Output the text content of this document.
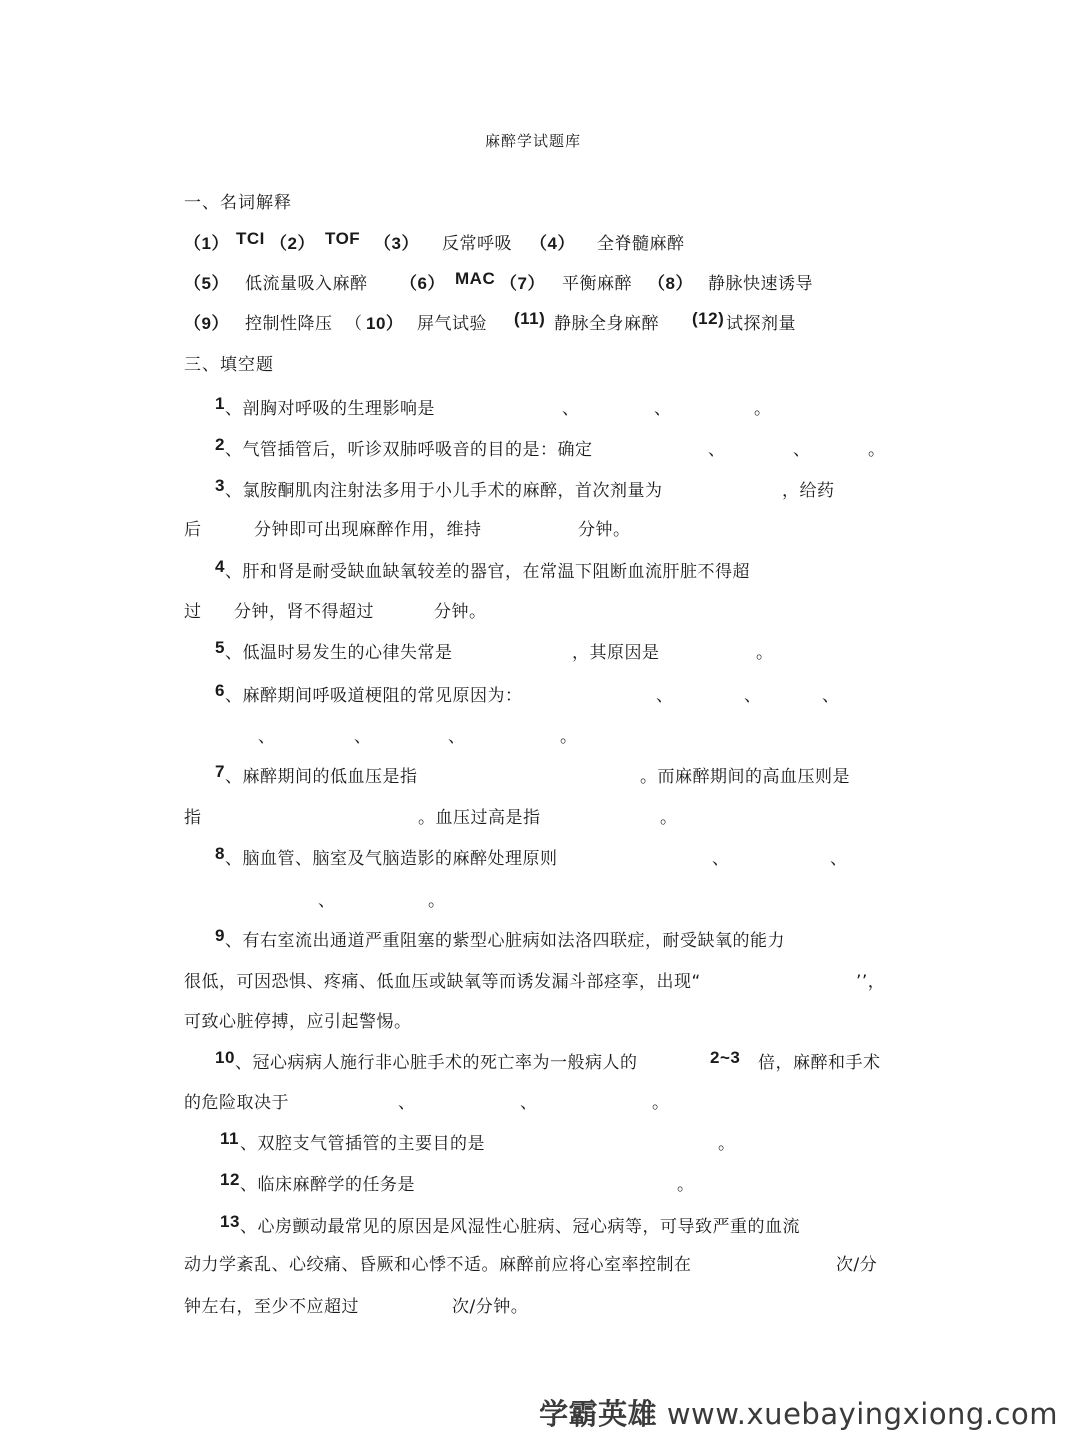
麻醉学试题库
一、名词解释
（1） TCI （2） TOF （3） 反常呼吸 （4） 全脊髓麻醉
（5） 低流量吸入麻醉 （6） MAC （7） 平衡麻醉 （8） 静脉快速诱导
（9） 控制性降压 （ 10） 屏气试验 (11) 静脉全身麻醉 (12) 试探剂量
三、填空题
1 、剖胸对呼吸的生理影响是	、	、	。
2 、气管插管后，听诊双肺呼吸音的目的是：确定	、	、	。
3 、氯胺酮肌肉注射法多用于小儿手术的麻醉，首次剂量为	，给药
后	分钟即可出现麻醉作用，维持	分钟。
4 、肝和肾是耐受缺血缺氧较差的器官，在常温下阻断血流肝脏不得超
过 分钟，肾不得超过	分钟。
5 、低温时易发生的心律失常是	，其原因是	。
6 、麻醉期间呼吸道梗阻的常见原因为：	、	、	、
、	、	、	。
7 、麻醉期间的低血压是指	。而麻醉期间的高血压则是
指	。血压过高是指	。
8 、脑血管、脑室及气脑造影的麻醉处理原则	、	、
、	。
9 、有右室流出通道严重阻塞的紫型心脏病如法洛四联症，耐受缺氧的能力
很低，可因恐惧、疼痛、低血压或缺氧等而诱发漏斗部痉挛，出现“	’’，
可致心脏停搏，应引起警惕。
10 、冠心病病人施行非心脏手术的死亡率为一般病人的	2~3 倍，麻醉和手术
的危险取决于	、	、	。
11 、双腔支气管插管的主要目的是	。
12 、临床麻醉学的任务是	。
13 、心房颤动最常见的原因是风湿性心脏病、冠心病等，可导致严重的血流
动力学紊乱、心绞痛、昏厥和心悸不适。麻醉前应将心室率控制在	次/分
钟左右，至少不应超过	次/分钟。
学霸英雄 www.xuebayingxiong.com
